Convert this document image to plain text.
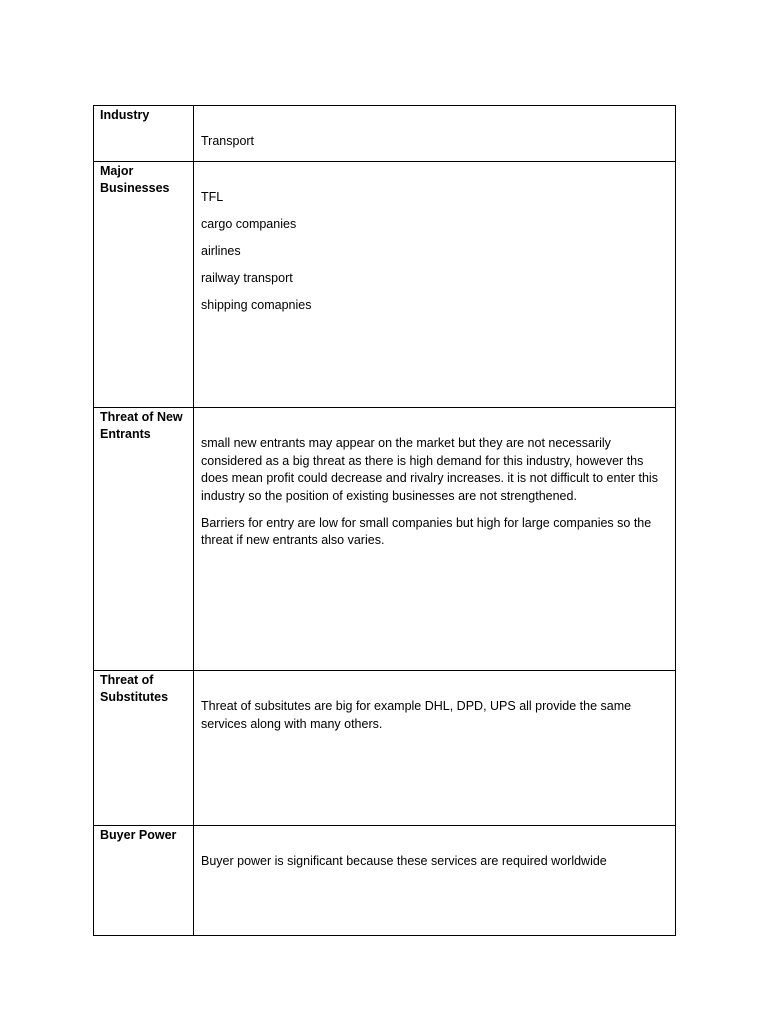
Industry	Transport

Major Businesses	TFL
cargo companies
airlines
railway transport
shipping comapnies

Threat of New Entrants	small new entrants may appear on the market but they are not necessarily considered as a big threat as there is high demand for this industry, however ths does mean profit could decrease and rivalry increases. it is not difficult to enter this industry so the position of existing businesses are not strengthened.

Barriers for entry are low for small companies but high for large companies so the threat if new entrants also varies.

Threat of Substitutes	Threat of subsitutes are big for example DHL, DPD, UPS all provide the same services along with many others.

Buyer Power	Buyer power is significant because these services are required worldwide
